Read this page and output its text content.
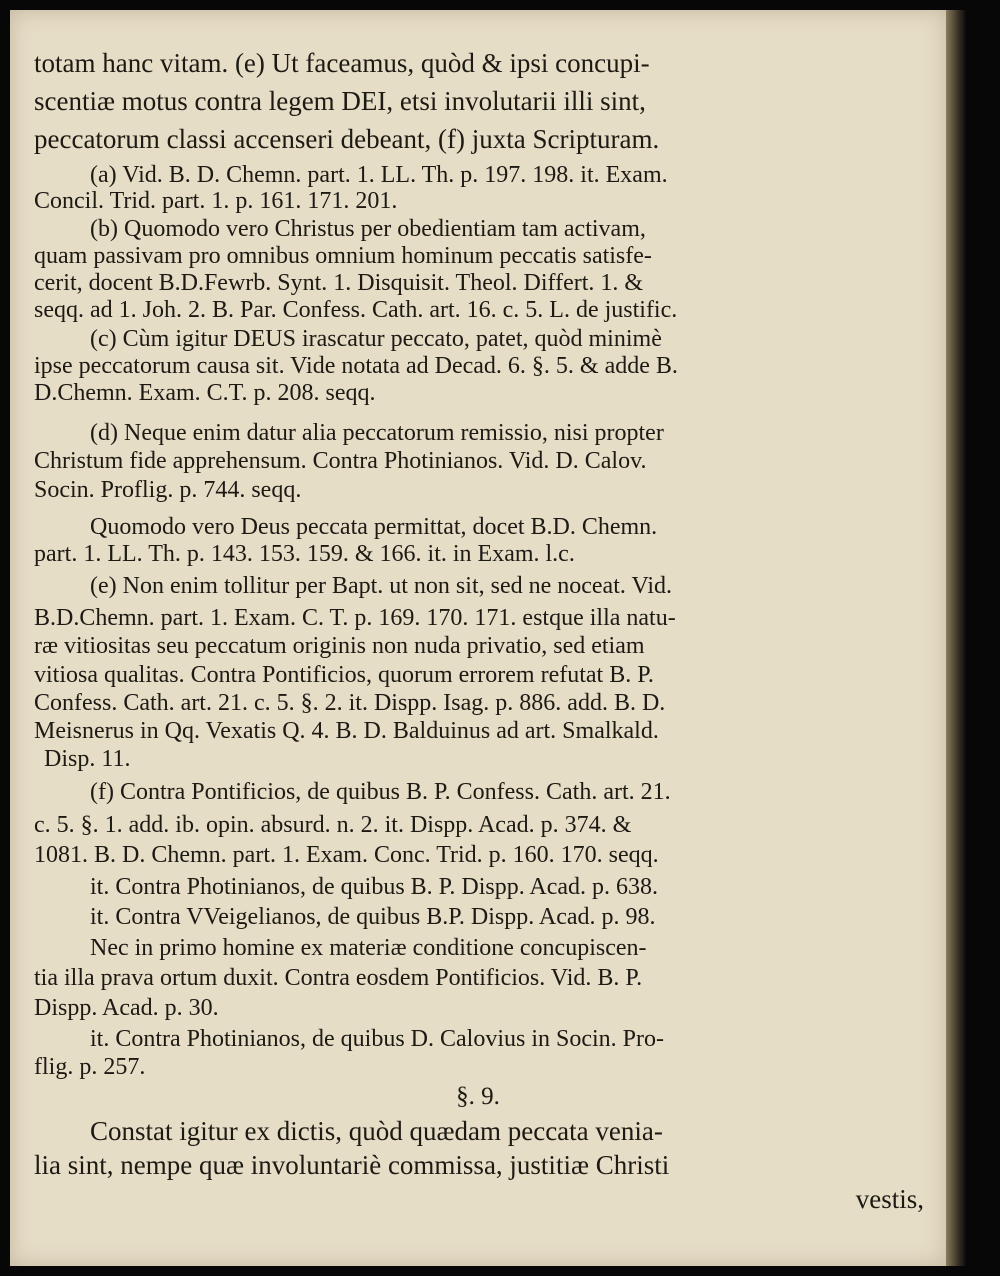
totam hanc vitam. (e) Ut faceamus, quòd & ipsi concupi-

scentiæ motus contra legem DEI, etsi involutarii illi sint,

peccatorum classi accenseri debeant, (f) juxta Scripturam.

(a) Vid. B. D. Chemn. part. 1. LL. Th. p. 197. 198. it. Exam.

Concil. Trid. part. 1. p. 161. 171. 201.

(b) Quomodo vero Christus per obedientiam tam activam,

quam passivam pro omnibus omnium hominum peccatis satisfe-

cerit, docent B.D.Fewrb. Synt. 1. Disquisit. Theol. Differt. 1. &

seqq. ad 1. Joh. 2. B. Par. Confess. Cath. art. 16. c. 5. L. de justific.

(c) Cùm igitur DEUS irascatur peccato, patet, quòd minimè

ipse peccatorum causa sit. Vide notata ad Decad. 6. §. 5. & adde B.

D.Chemn. Exam. C.T. p. 208. seqq.

(d) Neque enim datur alia peccatorum remissio, nisi propter

Christum fide apprehensum. Contra Photinianos. Vid. D. Calov.

Socin. Proflig. p. 744. seqq.

Quomodo vero Deus peccata permittat, docet B.D. Chemn.

part. 1. LL. Th. p. 143. 153. 159. & 166. it. in Exam. l.c.

(e) Non enim tollitur per Bapt. ut non sit, sed ne noceat. Vid.

B.D.Chemn. part. 1. Exam. C. T. p. 169. 170. 171. estque illa natu-

ræ vitiositas seu peccatum originis non nuda privatio, sed etiam

vitiosa qualitas. Contra Pontificios, quorum errorem refutat B. P.

Confess. Cath. art. 21. c. 5. §. 2. it. Dispp. Isag. p. 886. add. B. D.

Meisnerus in Qq. Vexatis Q. 4. B. D. Balduinus ad art. Smalkald.

Disp. 11.

(f) Contra Pontificios, de quibus B. P. Confess. Cath. art. 21.

c. 5. §. 1. add. ib. opin. absurd. n. 2. it. Dispp. Acad. p. 374. &

1081. B. D. Chemn. part. 1. Exam. Conc. Trid. p. 160. 170. seqq.

it. Contra Photinianos, de quibus B. P. Dispp. Acad. p. 638.

it. Contra VVeigelianos, de quibus B.P. Dispp. Acad. p. 98.

Nec in primo homine ex materiæ conditione concupiscen-

tia illa prava ortum duxit. Contra eosdem Pontificios. Vid. B. P.

Dispp. Acad. p. 30.

it. Contra Photinianos, de quibus D. Calovius in Socin. Pro-

flig. p. 257.

§. 9.

Constat igitur ex dictis, quòd quædam peccata venia-

lia sint, nempe quæ involuntariè commissa, justitiæ Christi

vestis,
